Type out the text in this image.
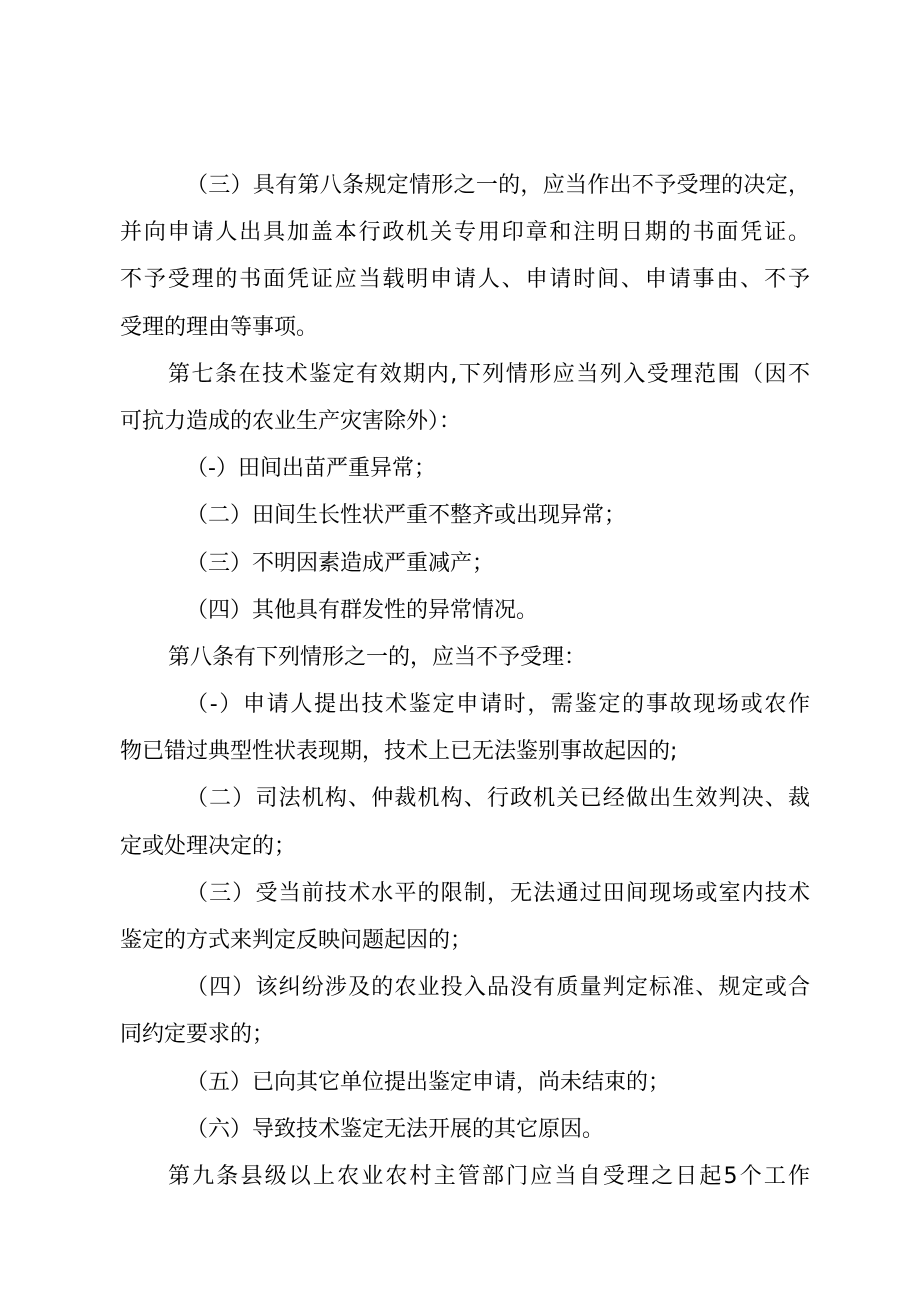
（三）具有第八条规定情形之一的，应当作出不予受理的决定，
并向申请人出具加盖本行政机关专用印章和注明日期的书面凭证。
不予受理的书面凭证应当载明申请人、申请时间、申请事由、不予
受理的理由等事项。
第七条在技术鉴定有效期内,下列情形应当列入受理范围（因不
可抗力造成的农业生产灾害除外）：
（-）田间出苗严重异常；
（二）田间生长性状严重不整齐或出现异常；
（三）不明因素造成严重减产；
（四）其他具有群发性的异常情况。
第八条有下列情形之一的，应当不予受理：
（-）申请人提出技术鉴定申请时，需鉴定的事故现场或农作
物已错过典型性状表现期，技术上已无法鉴别事故起因的;
（二）司法机构、仲裁机构、行政机关已经做出生效判决、裁
定或处理决定的；
（三）受当前技术水平的限制，无法通过田间现场或室内技术
鉴定的方式来判定反映问题起因的；
（四）该纠纷涉及的农业投入品没有质量判定标准、规定或合
同约定要求的；
（五）已向其它单位提出鉴定申请，尚未结束的；
（六）导致技术鉴定无法开展的其它原因。
第九条县级以上农业农村主管部门应当自受理之日起5个工作
